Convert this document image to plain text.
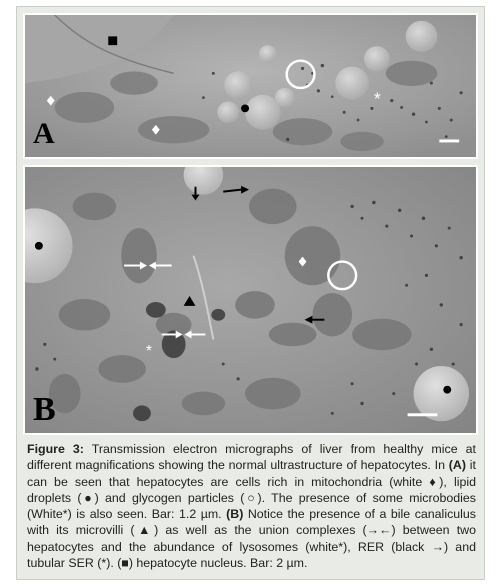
*
A
*
B
Figure 3: Transmission electron micrographs of liver from healthy mice at different magnifications showing the normal ultrastructure of hepatocytes. In (A) it can be seen that hepatocytes are cells rich in mitochondria (white ♦), lipid droplets (●) and glycogen particles (○). The presence of some microbodies (White*) is also seen. Bar: 1.2 µm. (B) Notice the presence of a bile canaliculus with its microvilli (▲) as well as the union complexes (→←) between two hepatocytes and the abundance of lysosomes (white*), RER (black →) and tubular SER (*). (■) hepatocyte nucleus. Bar: 2 µm.
